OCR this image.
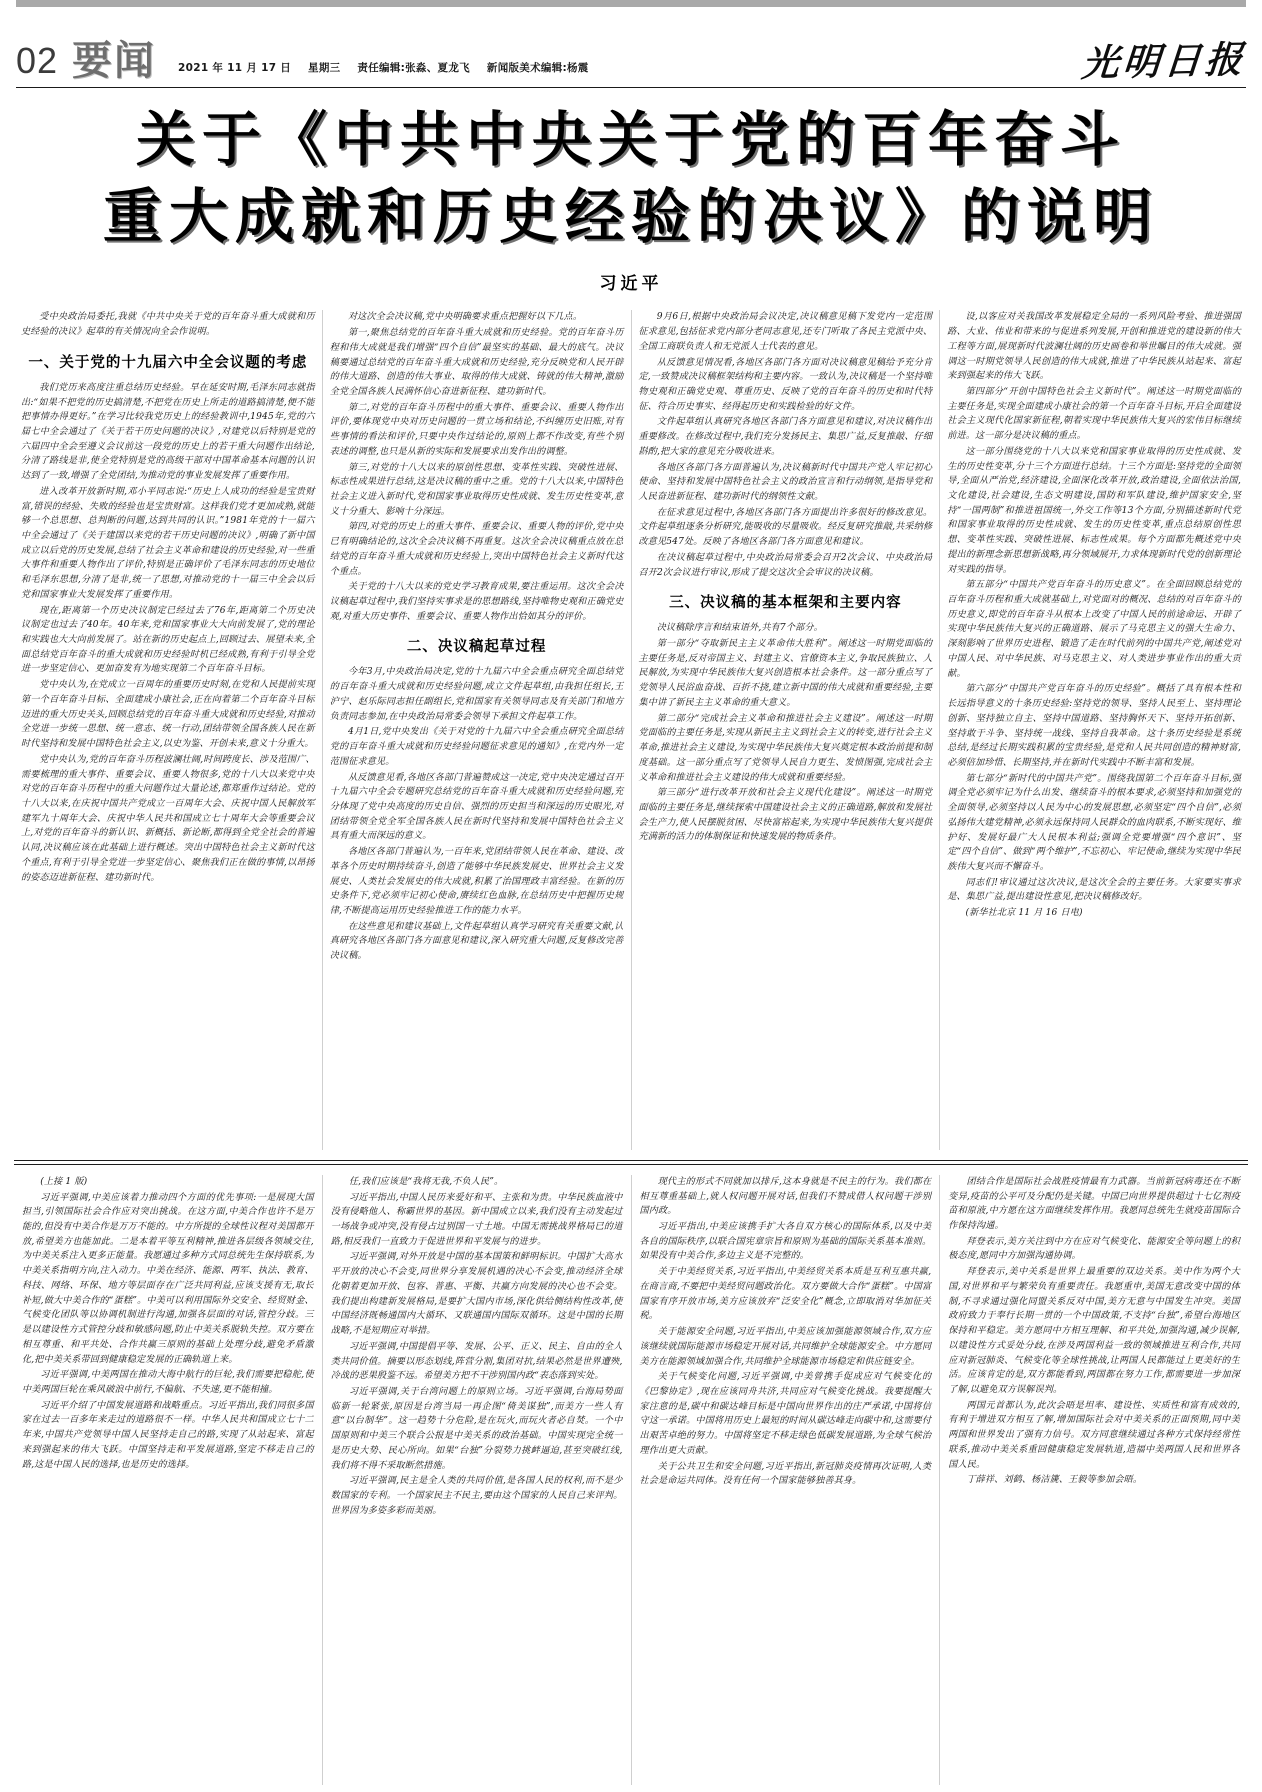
02 要闻 2021 年 11 月 17 日 星期三 责任编辑:张淼、夏龙飞 新闻版美术编辑:杨震	光明日报
关于《中共中央关于党的百年奋斗
重大成就和历史经验的决议》的说明
习近平
受中央政治局委托,我就《中共中央关于党的百年奋斗重大成就和历史经验的决议》起草的有关情况向全会作说明。
一、关于党的十九届六中全会议题的考虑
我们党历来高度注重总结历史经验。早在延安时期,毛泽东同志就指出:“如果不把党的历史搞清楚,不把党在历史上所走的道路搞清楚,便不能把事情办得更好。”在学习比较我党历史上的经验教训中,1945年,党的六届七中全会通过了《关于若干历史问题的决议》,对建党以后特别是党的六届四中全会至遵义会议前这一段党的历史上的若干重大问题作出结论,分清了路线是非,使全党特别是党的高级干部对中国革命基本问题的认识达到了一致,增强了全党团结,为推动党的事业发展发挥了重要作用。
进入改革开放新时期,邓小平同志说:“历史上人成功的经验是宝贵财富,错误的经验、失败的经验也是宝贵财富。这样我们党才更加成熟,就能够一个总思想、总判断的问题,达到共同的认识。”1981年党的十一届六中全会通过了《关于建国以来党的若干历史问题的决议》,明确了新中国成立以后党的历史发展,总结了社会主义革命和建设的历史经验,对一些重大事件和重要人物作出了评价,特别是正确评价了毛泽东同志的历史地位和毛泽东思想,分清了是非,统一了思想,对推动党的十一届三中全会以后党和国家事业大发展发挥了重要作用。
现在,距离第一个历史决议制定已经过去了76年,距离第二个历史决议制定也过去了40年。40年来,党和国家事业大大向前发展了,党的理论和实践也大大向前发展了。站在新的历史起点上,回顾过去、展望未来,全面总结党百年奋斗的重大成就和历史经验时机已经成熟,有利于引导全党进一步坚定信心、更加奋发有为地实现第二个百年奋斗目标。
党中央认为,在党成立一百周年的重要历史时刻,在党和人民提前实现第一个百年奋斗目标、全面建成小康社会,正在向着第二个百年奋斗目标迈进的重大历史关头,回顾总结党的百年奋斗重大成就和历史经验,对推动全党进一步统一思想、统一意志、统一行动,团结带领全国各族人民在新时代坚持和发展中国特色社会主义,以史为鉴、开创未来,意义十分重大。
党中央认为,党的百年奋斗历程波澜壮阔,时间跨度长、涉及范围广、需要梳理的重大事件、重要会议、重要人物很多,党的十八大以来党中央对党的百年奋斗历程中的重大问题作过大量论述,都郑重作过结论。党的十八大以来,在庆祝中国共产党成立一百周年大会、庆祝中国人民解放军建军九十周年大会、庆祝中华人民共和国成立七十周年大会等重要会议上,对党的百年奋斗的新认识、新概括、新论断,都得到全党全社会的普遍认同,决议稿应该在此基础上进行概述。突出中国特色社会主义新时代这个重点,有利于引导全党进一步坚定信心、聚焦我们正在做的事情,以昂扬的姿态迈进新征程、建功新时代。
对这次全会决议稿,党中央明确要求重点把握好以下几点。
第一,聚焦总结党的百年奋斗重大成就和历史经验。党的百年奋斗历程和伟大成就是我们增强“四个自信”最坚实的基础、最大的底气。决议稿要通过总结党的百年奋斗重大成就和历史经验,充分反映党和人民开辟的伟大道路、创造的伟大事业、取得的伟大成就、铸就的伟大精神,激励全党全国各族人民满怀信心奋进新征程、建功新时代。
第二,对党的百年奋斗历程中的重大事件、重要会议、重要人物作出评价,要体现党中央对历史问题的一贯立场和结论,不纠缠历史旧账,对有些事情的看法和评价,只要中央作过结论的,原则上都不作改变,有些个别表述的调整,也只是从新的实际和发展要求出发作出的调整。
第三,对党的十八大以来的原创性思想、变革性实践、突破性进展、标志性成果进行总结,这是决议稿的重中之重。党的十八大以来,中国特色社会主义进入新时代,党和国家事业取得历史性成就、发生历史性变革,意义十分重大、影响十分深远。
第四,对党的历史上的重大事件、重要会议、重要人物的评价,党中央已有明确结论的,这次全会决议稿不再重复。这次全会决议稿重点放在总结党的百年奋斗重大成就和历史经验上,突出中国特色社会主义新时代这个重点。
关于党的十八大以来的党史学习教育成果,要注重运用。这次全会决议稿起草过程中,我们坚持实事求是的思想路线,坚持唯物史观和正确党史观,对重大历史事件、重要会议、重要人物作出恰如其分的评价。
二、决议稿起草过程
今年3月,中央政治局决定,党的十九届六中全会重点研究全面总结党的百年奋斗重大成就和历史经验问题,成立文件起草组,由我担任组长,王沪宁、赵乐际同志担任副组长,党和国家有关领导同志及有关部门和地方负责同志参加,在中央政治局常委会领导下承担文件起草工作。
4月1日,党中央发出《关于对党的十九届六中全会重点研究全面总结党的百年奋斗重大成就和历史经验问题征求意见的通知》,在党内外一定范围征求意见。
从反馈意见看,各地区各部门普遍赞成这一决定,党中央决定通过召开十九届六中全会专题研究总结党的百年奋斗重大成就和历史经验问题,充分体现了党中央高度的历史自信、强烈的历史担当和深远的历史眼光,对团结带领全党全军全国各族人民在新时代坚持和发展中国特色社会主义具有重大而深远的意义。
各地区各部门普遍认为,一百年来,党团结带领人民在革命、建设、改革各个历史时期持续奋斗,创造了能够中华民族发展史、世界社会主义发展史、人类社会发展史的伟大成就,积累了治国理政丰富经验。在新的历史条件下,党必须牢记初心使命,赓续红色血脉,在总结历史中把握历史规律,不断提高运用历史经验推进工作的能力水平。
在这些意见和建议基础上,文件起草组认真学习研究有关重要文献,认真研究各地区各部门各方面意见和建议,深入研究重大问题,反复修改完善决议稿。
9月6日,根据中央政治局会议决定,决议稿意见稿下发党内一定范围征求意见,包括征求党内部分老同志意见,还专门听取了各民主党派中央、全国工商联负责人和无党派人士代表的意见。
从反馈意见情况看,各地区各部门各方面对决议稿意见稿给予充分肯定,一致赞成决议稿框架结构和主要内容。一致认为,决议稿是一个坚持唯物史观和正确党史观、尊重历史、反映了党的百年奋斗的历史和时代特征、符合历史事实、经得起历史和实践检验的好文件。
文件起草组认真研究各地区各部门各方面意见和建议,对决议稿作出重要修改。在修改过程中,我们充分发扬民主、集思广益,反复推敲、仔细斟酌,把大家的意见充分吸收进来。
各地区各部门各方面普遍认为,决议稿新时代中国共产党人牢记初心使命、坚持和发展中国特色社会主义的政治宣言和行动纲领,是指导党和人民奋进新征程、建功新时代的纲领性文献。
在征求意见过程中,各地区各部门各方面提出许多很好的修改意见。文件起草组逐条分析研究,能吸收的尽量吸收。经反复研究推敲,共采纳修改意见547处。反映了各地区各部门各方面意见和建议。
在决议稿起草过程中,中央政治局常委会召开2次会议、中央政治局召开2次会议进行审议,形成了提交这次全会审议的决议稿。
三、决议稿的基本框架和主要内容
决议稿除序言和结束语外,共有7个部分。
第一部分“夺取新民主主义革命伟大胜利”。阐述这一时期党面临的主要任务是,反对帝国主义、封建主义、官僚资本主义,争取民族独立、人民解放,为实现中华民族伟大复兴创造根本社会条件。这一部分重点写了党领导人民浴血奋战、百折不挠,建立新中国的伟大成就和重要经验,主要集中讲了新民主主义革命的重大意义。
第二部分“完成社会主义革命和推进社会主义建设”。阐述这一时期党面临的主要任务是,实现从新民主主义到社会主义的转变,进行社会主义革命,推进社会主义建设,为实现中华民族伟大复兴奠定根本政治前提和制度基础。这一部分重点写了党领导人民自力更生、发愤图强,完成社会主义革命和推进社会主义建设的伟大成就和重要经验。
第三部分“进行改革开放和社会主义现代化建设”。阐述这一时期党面临的主要任务是,继续探索中国建设社会主义的正确道路,解放和发展社会生产力,使人民摆脱贫困、尽快富裕起来,为实现中华民族伟大复兴提供充满新的活力的体制保证和快速发展的物质条件。
设,以客应对关我国改革发展稳定全局的一系列风险考验、推进强国路、大业、伟业和带来的与促进系列发展,开创和推进党的建设新的伟大工程等方面,展现新时代波澜壮阔的历史画卷和举世瞩目的伟大成就。强调这一时期党领导人民创造的伟大成就,推进了中华民族从站起来、富起来到强起来的伟大飞跃。
第四部分“开创中国特色社会主义新时代”。阐述这一时期党面临的主要任务是,实现全面建成小康社会的第一个百年奋斗目标,开启全面建设社会主义现代化国家新征程,朝着实现中华民族伟大复兴的宏伟目标继续前进。这一部分是决议稿的重点。
这一部分围绕党的十八大以来党和国家事业取得的历史性成就、发生的历史性变革,分十三个方面进行总结。十三个方面是:坚持党的全面领导,全面从严治党,经济建设,全面深化改革开放,政治建设,全面依法治国,文化建设,社会建设,生态文明建设,国防和军队建设,维护国家安全,坚持“一国两制”和推进祖国统一,外交工作等13个方面,分别描述新时代党和国家事业取得的历史性成就、发生的历史性变革,重点总结原创性思想、变革性实践、突破性进展、标志性成果。每个方面都先概述党中央提出的新理念新思想新战略,再分领域展开,力求体现新时代党的创新理论对实践的指导。
第五部分“中国共产党百年奋斗的历史意义”。在全面回顾总结党的百年奋斗历程和重大成就基础上,对党面对的概况、总结的对百年奋斗的历史意义,即党的百年奋斗从根本上改变了中国人民的前途命运、开辟了实现中华民族伟大复兴的正确道路、展示了马克思主义的强大生命力、深刻影响了世界历史进程、锻造了走在时代前列的中国共产党,阐述党对中国人民、对中华民族、对马克思主义、对人类进步事业作出的重大贡献。
第六部分“中国共产党百年奋斗的历史经验”。概括了具有根本性和长远指导意义的十条历史经验:坚持党的领导、坚持人民至上、坚持理论创新、坚持独立自主、坚持中国道路、坚持胸怀天下、坚持开拓创新、坚持敢于斗争、坚持统一战线、坚持自我革命。这十条历史经验是系统总结,是经过长期实践积累的宝贵经验,是党和人民共同创造的精神财富,必须倍加珍惜、长期坚持,并在新时代实践中不断丰富和发展。
第七部分“新时代的中国共产党”。围绕我国第二个百年奋斗目标,强调全党必须牢记为什么出发、继续奋斗的根本要求,必须坚持和加强党的全面领导,必须坚持以人民为中心的发展思想,必须坚定“四个自信”,必须弘扬伟大建党精神,必须永远保持同人民群众的血肉联系,不断实现好、维护好、发展好最广大人民根本利益;强调全党要增强“四个意识”、坚定“四个自信”、做到“两个维护”,不忘初心、牢记使命,继续为实现中华民族伟大复兴而不懈奋斗。
同志们!审议通过这次决议,是这次全会的主要任务。大家要实事求是、集思广益,提出建设性意见,把决议稿修改好。
(新华社北京 11 月 16 日电)
(上接 1 版)
习近平强调,中美应该着力推动四个方面的优先事项:一是展现大国担当,引领国际社会合作应对突出挑战。在这方面,中美合作也许不是万能的,但没有中美合作是万万不能的。中方所提的全球性议程对美国都开放,希望美方也能加此。二是本着平等互利精神,推进各层级各领域交往,为中美关系注入更多正能量。我愿通过多种方式同总统先生保持联系,为中美关系指明方向,注入动力。中美在经济、能源、两军、执法、教育、科技、网络、环保、地方等层面存在广泛共同利益,应该支援有无,取长补短,做大中美合作的“蛋糕”。中美可以利用国际外交安全、经贸财金、气候变化团队等以协调机制进行沟通,加强各层面的对话,管控分歧。三是以建设性方式管控分歧和敏感问题,防止中美关系脱轨失控。双方要在相互尊重、和平共处、合作共赢三原则的基础上处理分歧,避免矛盾激化,把中美关系带回到健康稳定发展的正确轨道上来。
习近平强调,中美两国在推动大海中航行的巨轮,我们需要把稳舵,使中美两国巨轮在乘风破浪中前行,不偏航、不失速,更不能相撞。
习近平介绍了中国发展道路和战略重点。习近平指出,我们同很多国家在过去一百多年来走过的道路很不一样。中华人民共和国成立七十二年来,中国共产党领导中国人民坚持走自己的路,实现了从站起来、富起来到强起来的伟大飞跃。中国坚持走和平发展道路,坚定不移走自己的路,这是中国人民的选择,也是历史的选择。
任,我们应该是“我将无我,不负人民”。
习近平指出,中国人民历来爱好和平、主张和为贵。中华民族血液中没有侵略他人、称霸世界的基因。新中国成立以来,我们没有主动发起过一场战争或冲突,没有侵占过别国一寸土地。中国无需挑战界格局已的道路,相反我们一直致力于促进世界和平发展与的进步。
习近平强调,对外开放是中国的基本国策和鲜明标识。中国扩大高水平开放的决心不会变,同世界分享发展机遇的决心不会变,推动经济全球化朝着更加开放、包容、普惠、平衡、共赢方向发展的决心也不会变。我们提出构建新发展格局,是要扩大国内市场,深化供给侧结构性改革,使中国经济既畅通国内大循环、又联通国内国际双循环。这是中国的长期战略,不是短期应对举措。
习近平强调,中国提倡平等、发展、公平、正义、民主、自由的全人类共同价值。摘要以形态划线,阵营分割,集团对抗,结果必然是世界遭殃,冷战的恶果殷鉴不远。希望美方把不干涉别国内政“表态落到实处。
习近平强调,关于台湾问题上的原则立场。习近平强调,台海局势面临新一轮紧张,原因是台湾当局一再企图“倚美谋独”,而美方一些人有意“以台制华”。这一趋势十分危险,是在玩火,而玩火者必自焚。一个中国原则和中美三个联合公报是中美关系的政治基础。中国实现完全统一是历史大势、民心所向。如果“台独”分裂势力挑衅逼迫,甚至突破红线,我们将不得不采取断然措施。
习近平强调,民主是全人类的共同价值,是各国人民的权利,而不是少数国家的专利。一个国家民主不民主,要由这个国家的人民自己来评判。世界因为多姿多彩而美丽。
现代主的形式不同就加以排斥,这本身就是不民主的行为。我们都在相互尊重基础上,就人权问题开展对话,但我们不赞成借人权问题干涉别国内政。
习近平指出,中美应该携手扩大各自双方核心的国际体系,以及中美各自的国际秩序,以联合国宪章宗旨和原则为基础的国际关系基本准则。如果没有中美合作,多边主义是不完整的。
关于中美经贸关系,习近平指出,中美经贸关系本质是互利互惠共赢,在商言商,不要把中美经贸问题政治化。双方要做大合作“蛋糕”。中国富国家有序开放市场,美方应该放弃“泛安全化”概念,立即取消对华加征关税。
关于能源安全问题,习近平指出,中美应该加强能源领域合作,双方应该继续就国际能源市场稳定开展对话,共同维护全球能源安全。中方愿同美方在能源领域加强合作,共同维护全球能源市场稳定和供应链安全。
关于气候变化问题,习近平强调,中美曾携手促成应对气候变化的《巴黎协定》,现在应该同舟共济,共同应对气候变化挑战。我要提醒大家注意的是,碳中和碳达峰目标是中国向世界作出的庄严承诺,中国将信守这一承诺。中国将用历史上最短的时间从碳达峰走向碳中和,这需要付出艰苦卓绝的努力。中国将坚定不移走绿色低碳发展道路,为全球气候治理作出更大贡献。
关于公共卫生和安全问题,习近平指出,新冠肺炎疫情再次证明,人类社会是命运共同体。没有任何一个国家能够独善其身。
团结合作是国际社会战胜疫情最有力武器。当前新冠病毒还在不断变异,疫苗的公平可及分配仍是关键。中国已向世界提供超过十七亿剂疫苗和原液,中方愿在这方面继续发挥作用。我愿同总统先生就疫苗国际合作保持沟通。
拜登表示,美方关注到中方在应对气候变化、能源安全等问题上的积极态度,愿同中方加强沟通协调。
拜登表示,美中关系是世界上最重要的双边关系。美中作为两个大国,对世界和平与繁荣负有重要责任。我愿重申,美国无意改变中国的体制,不寻求通过强化同盟关系反对中国,美方无意与中国发生冲突。美国政府致力于奉行长期一贯的一个中国政策,不支持“台独”,希望台海地区保持和平稳定。美方愿同中方相互理解、和平共处,加强沟通,减少误解,以建设性方式妥处分歧,在涉及两国利益一致的领域推进互利合作,共同应对新冠肺炎、气候变化等全球性挑战,让两国人民都能过上更美好的生活。应该肯定的是,双方都能看到,两国都在努力工作,都需要进一步加深了解,以避免双方误解误判。
两国元首都认为,此次会晤是坦率、建设性、实质性和富有成效的,有利于增进双方相互了解,增加国际社会对中美关系的正面预期,同中美两国和世界发出了强有力信号。双方同意继续通过各种方式保持经常性联系,推动中美关系重回健康稳定发展轨道,造福中美两国人民和世界各国人民。
丁薛祥、刘鹤、杨洁篪、王毅等参加会晤。
